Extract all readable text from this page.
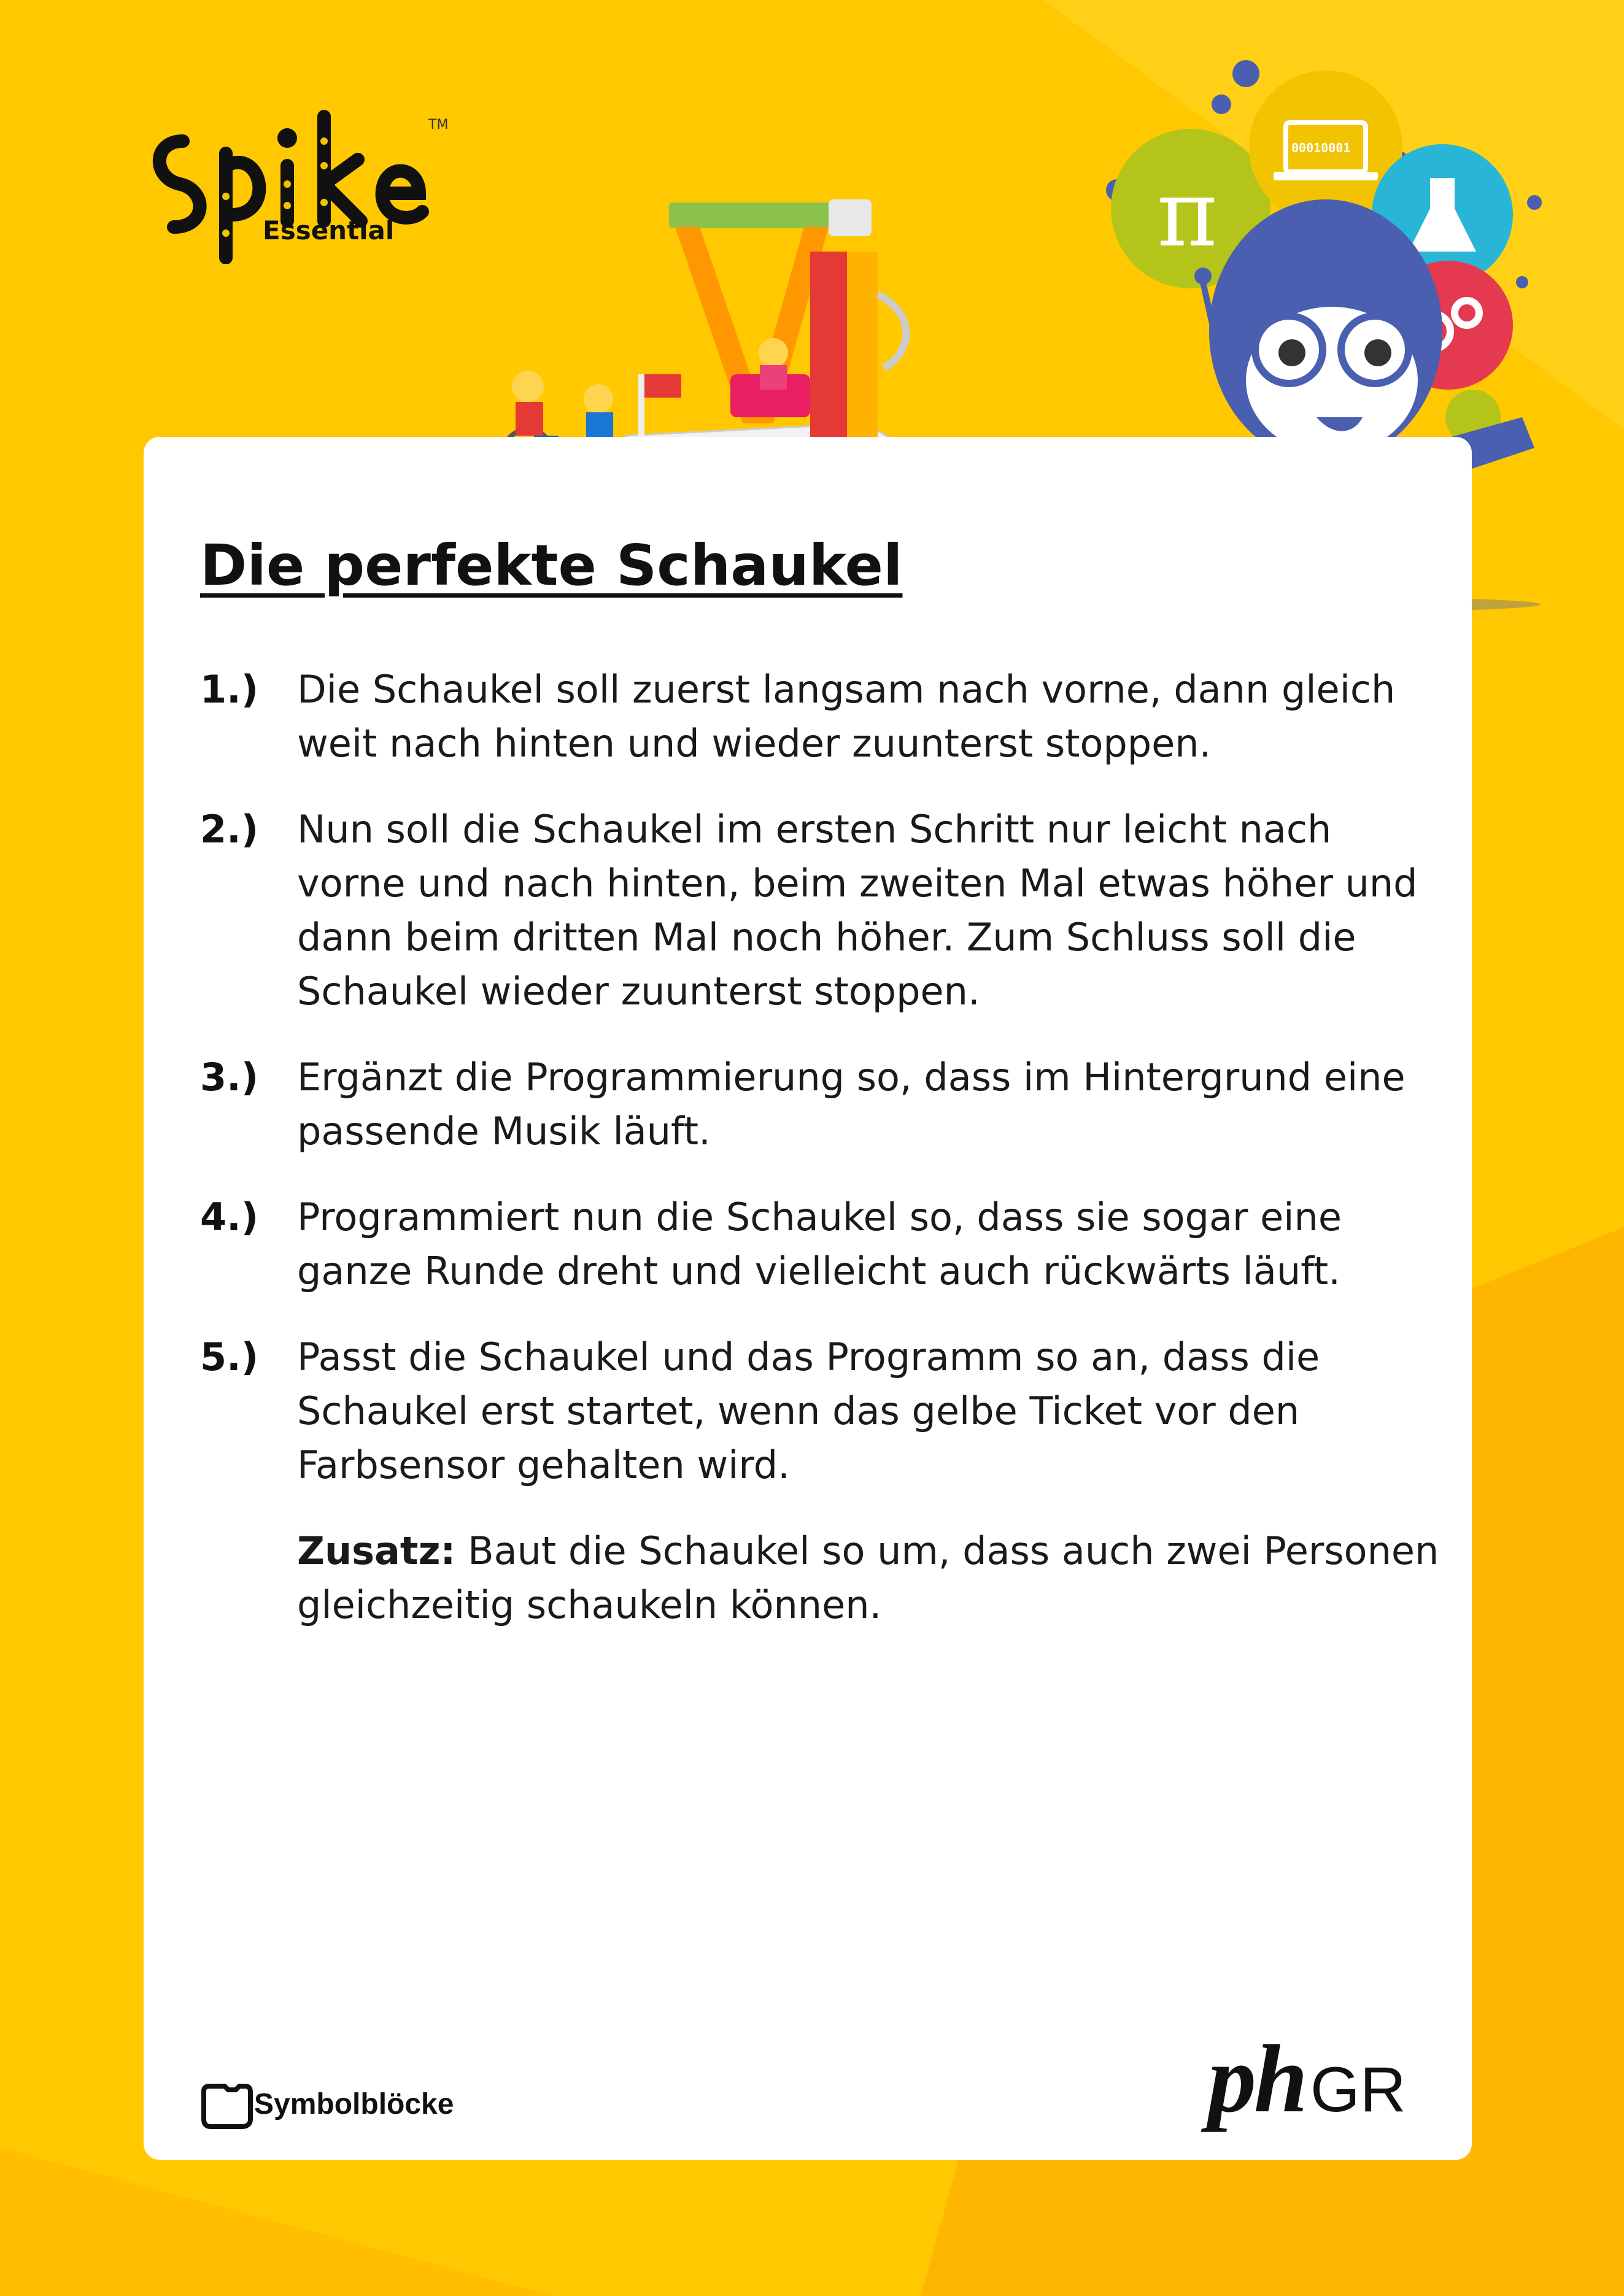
TM
Essential	π
00010001
Die perfekte Schaukel
1.)	Die Schaukel soll zuerst langsam nach vorne, dann gleich weit nach hinten und wieder zuunterst stoppen.
2.)	Nun soll die Schaukel im ersten Schritt nur leicht nach vorne und nach hinten, beim zweiten Mal etwas höher und dann beim dritten Mal noch höher. Zum Schluss soll die Schaukel wieder zuunterst stoppen.
3.)	Ergänzt die Programmierung so, dass im Hintergrund eine passende Musik läuft.
4.)	Programmiert nun die Schaukel so, dass sie sogar eine ganze Runde dreht und vielleicht auch rückwärts läuft.
5.)	Passt die Schaukel und das Programm so an, dass die Schaukel erst startet, wenn das gelbe Ticket vor den Farbsensor gehalten wird.
Zusatz: Baut die Schaukel so um, dass auch zwei Personen gleichzeitig schaukeln können.
Symbolblöcke	phGR
